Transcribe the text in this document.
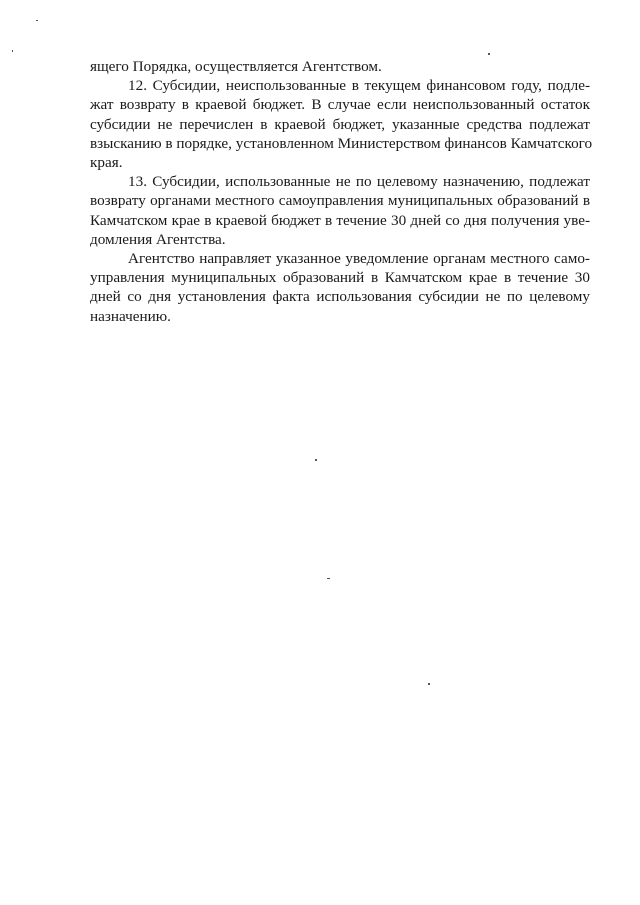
ящего Порядка, осуществляется Агентством.

12. Субсидии, неиспользованные в текущем финансовом году, подле-
жат возврату в краевой бюджет. В случае если неиспользованный остаток
субсидии не перечислен в краевой бюджет, указанные средства подлежат
взысканию в порядке, установленном Министерством финансов Камчатского
края.

13. Субсидии, использованные не по целевому назначению, подлежат
возврату органами местного самоуправления муниципальных образований в
Камчатском крае в краевой бюджет в течение 30 дней со дня получения уве-
домления Агентства.

Агентство направляет указанное уведомление органам местного само-
управления муниципальных образований в Камчатском крае в течение 30
дней со дня установления факта использования субсидии не по целевому
назначению.
